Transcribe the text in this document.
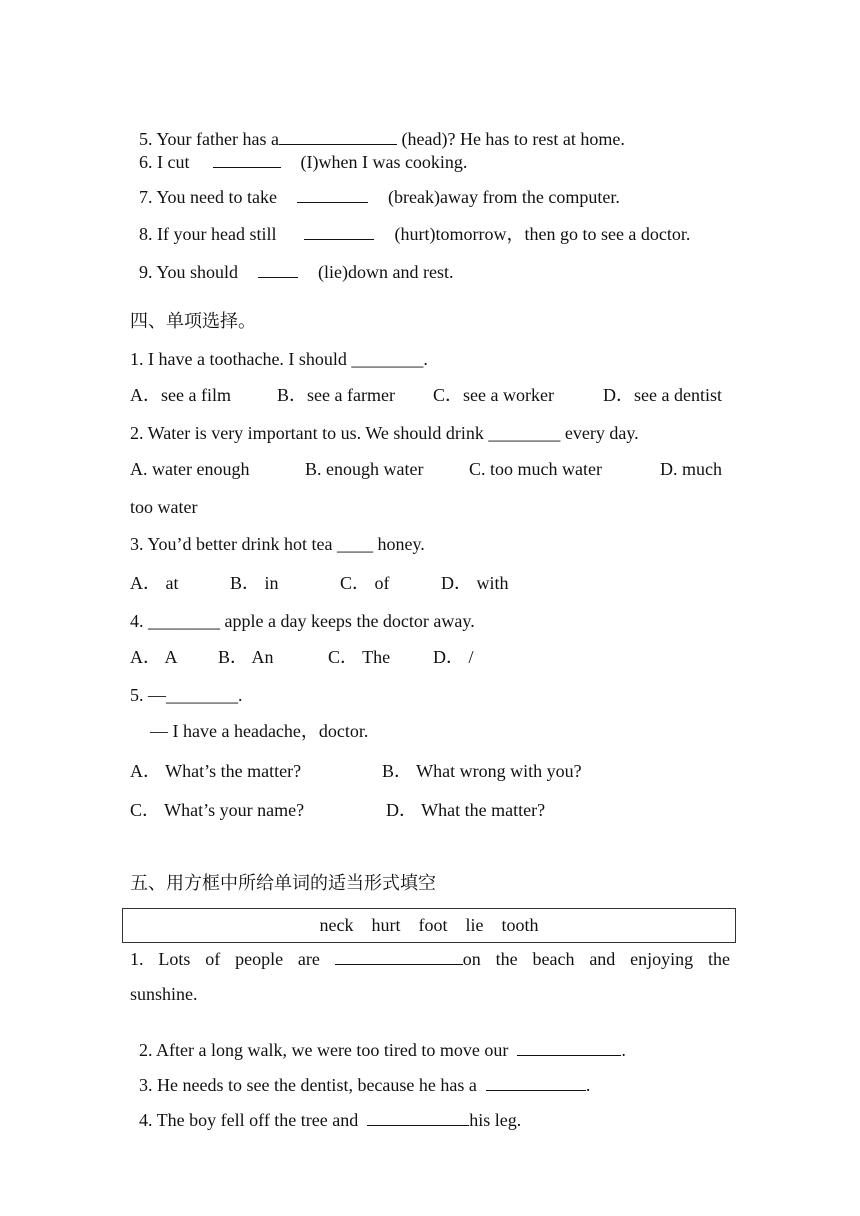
5. Your father has a	(head)? He has to rest at home.

6. I cut	(I)when I was cooking.

7. You need to take	(break)away from the computer.

8. If your head still	(hurt)tomorrow，then go to see a doctor.

9. You should	(lie)down and rest.

四、单项选择。
1. I have a toothache. I should ________.
A．see a film	B．see a farmer C．see a worker	D．see a dentist
2. Water is very important to us. We should drink ________ every day.
A. water enough	B. enough water	C. too much water	D. much
too water
3. You’d better drink hot tea ____ honey.
A． at	B． in	C． of	D． with
4. ________ apple a day keeps the doctor away.
A． A B． An	C． The D． /
5. —________.
— I have a headache，doctor.
A． What’s the matter?	B． What wrong with you?
C． What’s your name?	D． What the matter?
五、用方框中所给单词的适当形式填空
neck    hurt    foot    lie    tooth
1. Lots of people are	on the beach and enjoying the
sunshine.

2. After a long walk, we were too tired to move our	.

3. He needs to see the dentist, because he has a	.

4. The boy fell off the tree and	his leg.
